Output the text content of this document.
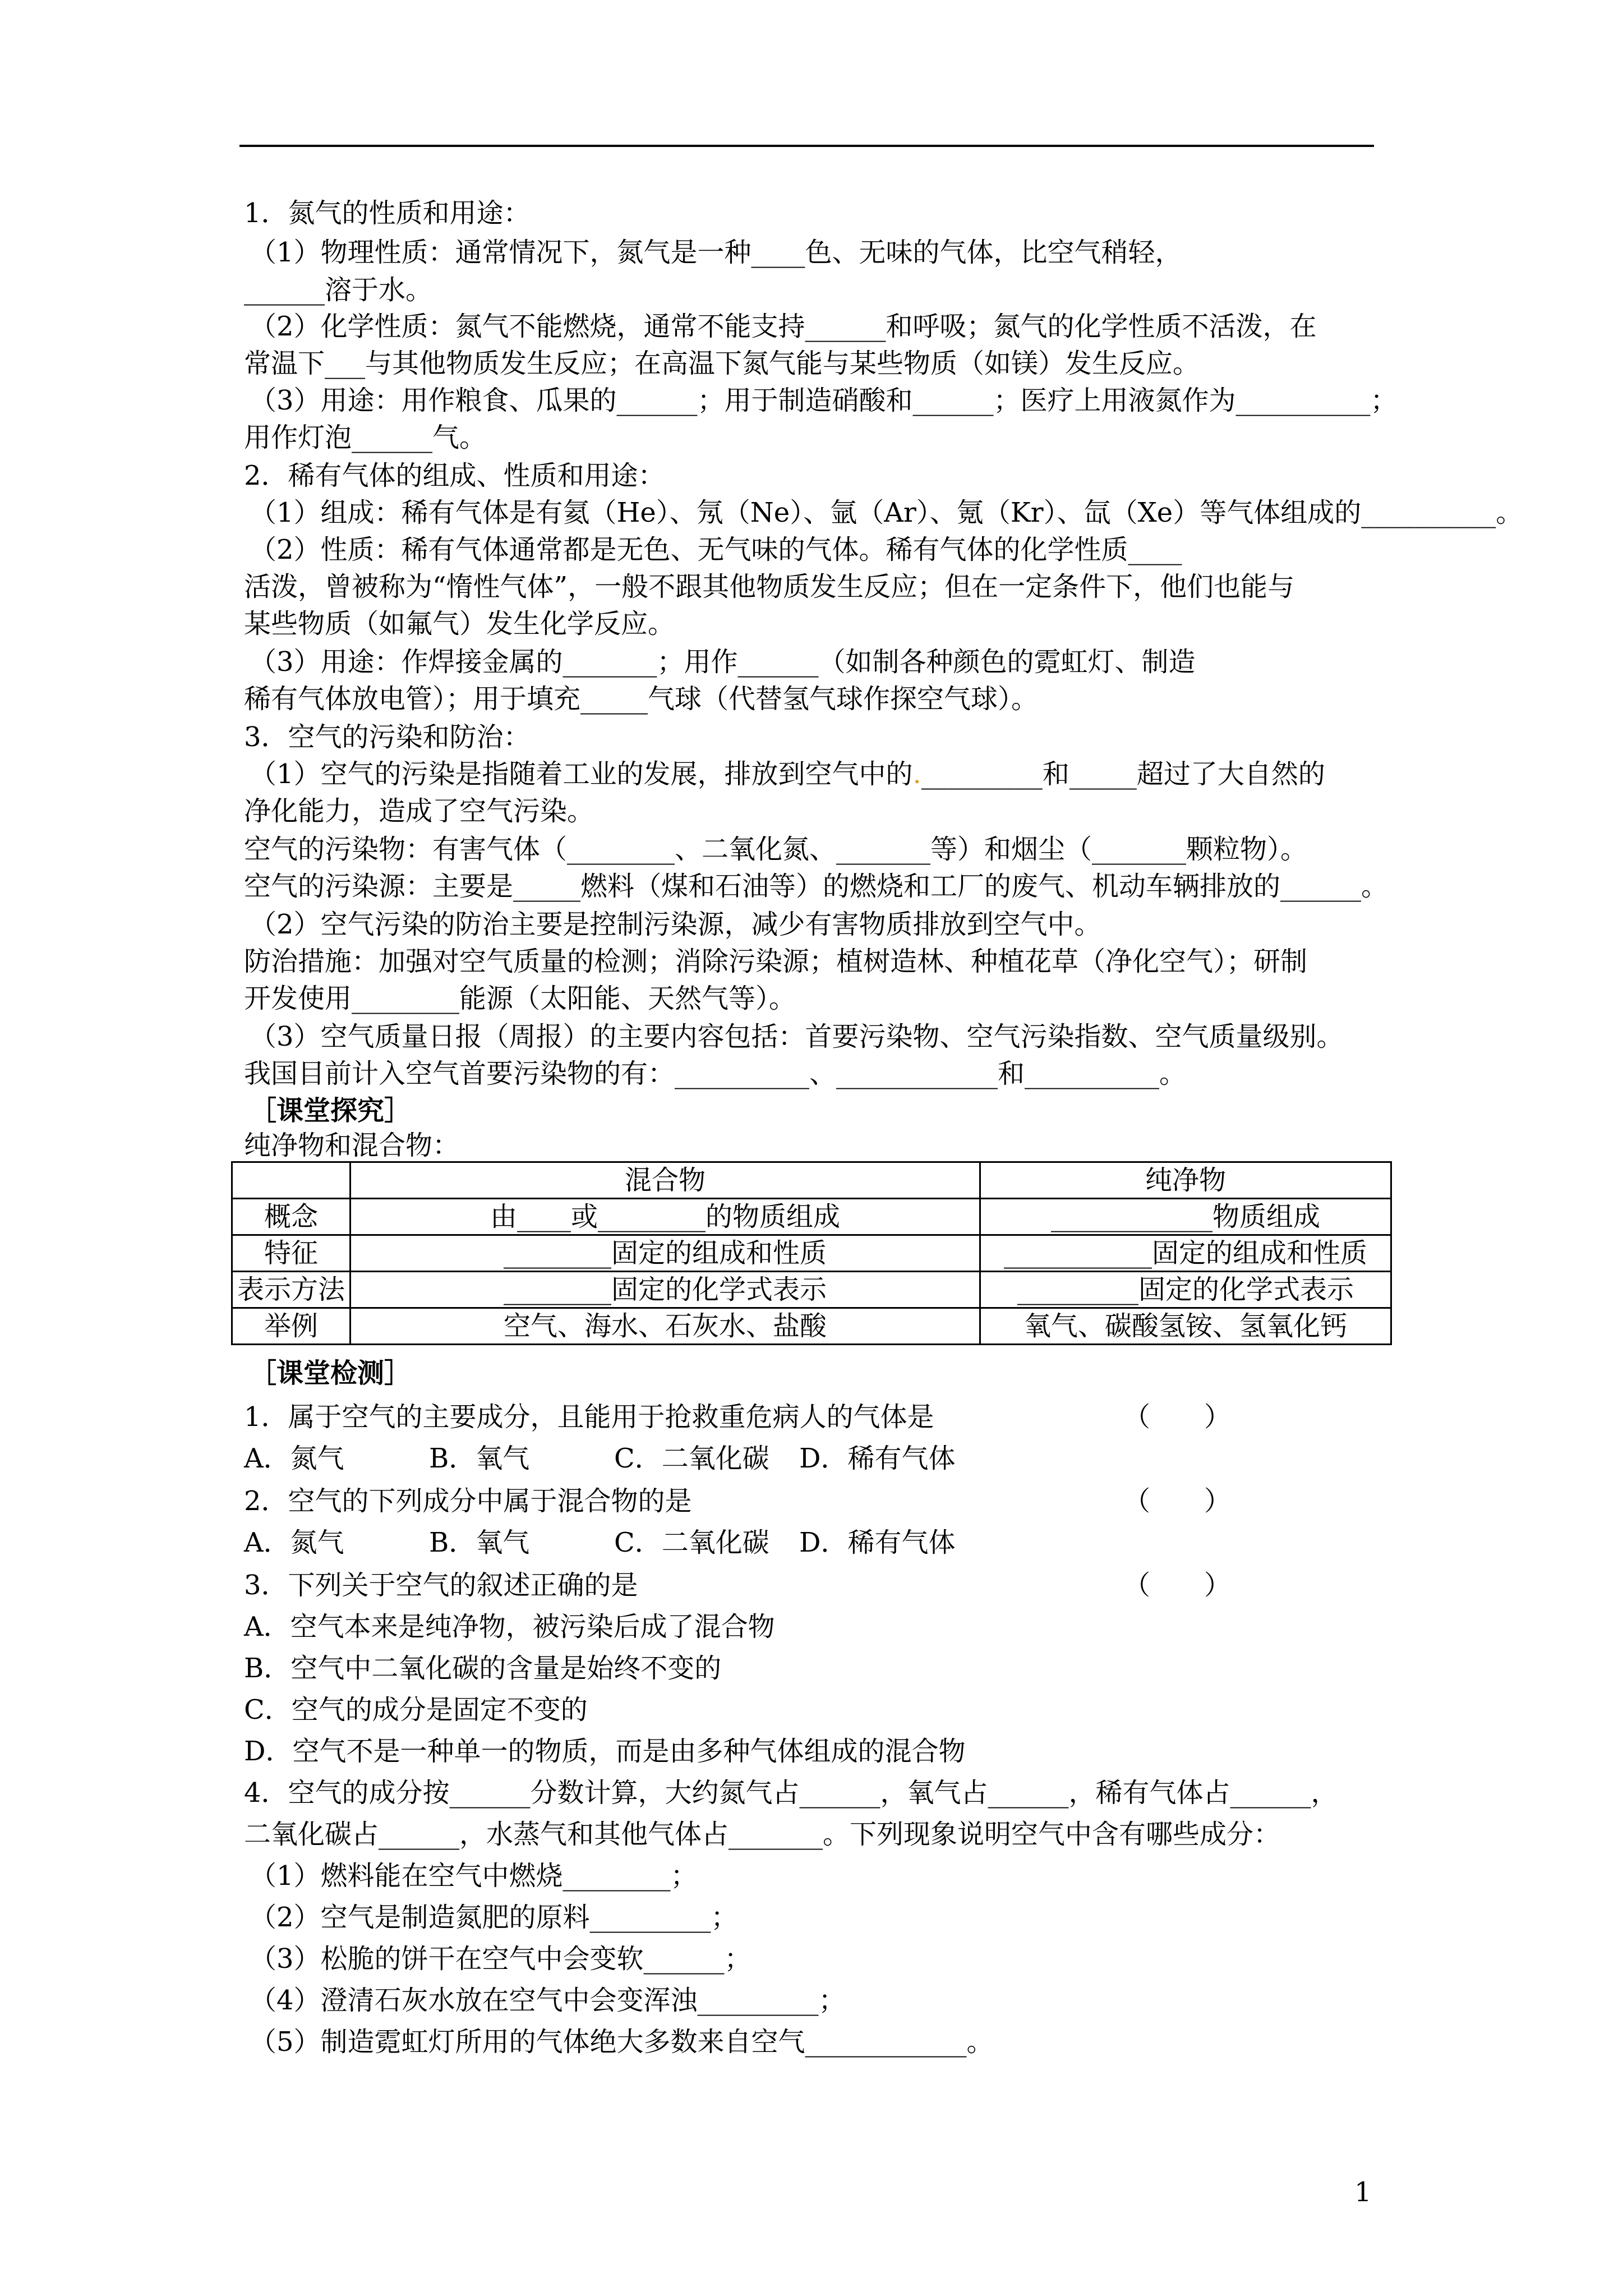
1．氮气的性质和用途：
（1）物理性质：通常情况下，氮气是一种____色、无味的气体，比空气稍轻，
______溶于水。
（2）化学性质：氮气不能燃烧，通常不能支持______和呼吸；氮气的化学性质不活泼，在
常温下___与其他物质发生反应；在高温下氮气能与某些物质（如镁）发生反应。
（3）用途：用作粮食、瓜果的______；用于制造硝酸和______；医疗上用液氮作为__________；
用作灯泡______气。
2．稀有气体的组成、性质和用途：
（1）组成：稀有气体是有氦（He）、氖（Ne）、氩（Ar）、氪（Kr）、氙（Xe）等气体组成的__________。
（2）性质：稀有气体通常都是无色、无气味的气体。稀有气体的化学性质____
活泼，曾被称为“惰性气体”，一般不跟其他物质发生反应；但在一定条件下，他们也能与
某些物质（如氟气）发生化学反应。
（3）用途：作焊接金属的_______；用作______（如制各种颜色的霓虹灯、制造
稀有气体放电管）；用于填充_____气球（代替氢气球作探空气球）。
3．空气的污染和防治：
（1）空气的污染是指随着工业的发展，排放到空气中的._________和_____超过了大自然的
净化能力，造成了空气污染。
空气的污染物：有害气体（________、二氧化氮、_______等）和烟尘（_______颗粒物）。
空气的污染源：主要是_____燃料（煤和石油等）的燃烧和工厂的废气、机动车辆排放的______。
（2）空气污染的防治主要是控制污染源，减少有害物质排放到空气中。
防治措施：加强对空气质量的检测；消除污染源；植树造林、种植花草（净化空气）；研制
开发使用________能源（太阳能、天然气等）。
（3）空气质量日报（周报）的主要内容包括：首要污染物、空气污染指数、空气质量级别。
我国目前计入空气首要污染物的有：__________、____________和__________。
［课堂探究］
纯净物和混合物：
	混合物	纯净物
概念	由____或________的物质组成	____________物质组成
特征	________固定的组成和性质	___________固定的组成和性质
表示方法	________固定的化学式表示	_________固定的化学式表示
举例	空气、海水、石灰水、盐酸	氧气、碳酸氢铵、氢氧化钙
［课堂检测］
1．属于空气的主要成分，且能用于抢救重危病人的气体是	（　　）
A．氮气	B．氧气	C．二氧化碳 D．稀有气体
2．空气的下列成分中属于混合物的是	（　　）
A．氮气	B．氧气	C．二氧化碳 D．稀有气体
3．下列关于空气的叙述正确的是	（　　）
A．空气本来是纯净物，被污染后成了混合物
B．空气中二氧化碳的含量是始终不变的
C．空气的成分是固定不变的
D．空气不是一种单一的物质，而是由多种气体组成的混合物
4．空气的成分按______分数计算，大约氮气占______，氧气占______，稀有气体占______，
二氧化碳占______，水蒸气和其他气体占_______。下列现象说明空气中含有哪些成分：
（1）燃料能在空气中燃烧________；
（2）空气是制造氮肥的原料_________；
（3）松脆的饼干在空气中会变软______；
（4）澄清石灰水放在空气中会变浑浊_________；
（5）制造霓虹灯所用的气体绝大多数来自空气____________。
1
